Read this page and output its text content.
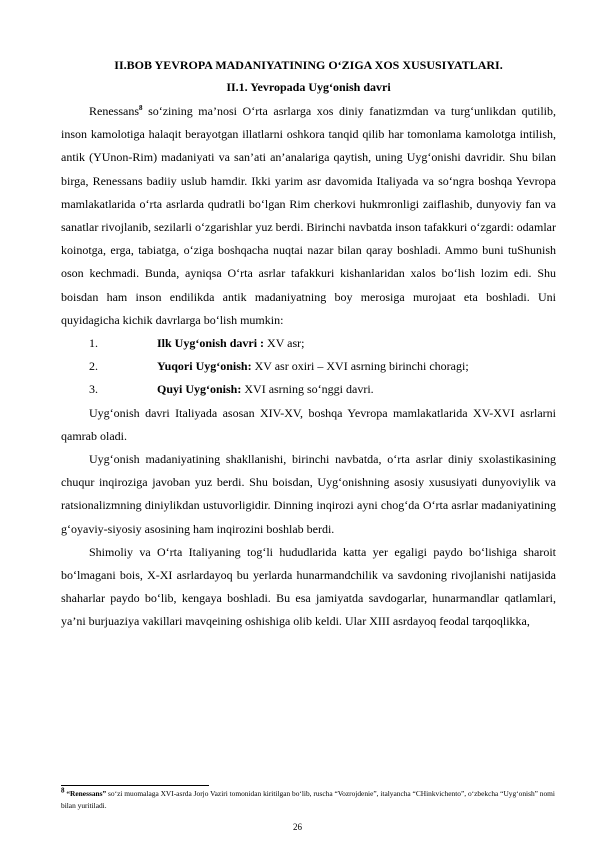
II.BOB YEVROPA MADANIYATINING O‘ZIGA XOS XUSUSIYATLARI.
II.1. Yevropada Uyg‘onish davri

Renessans$^8$ so‘zining ma’nosi O‘rta asrlarga xos diniy fanatizmdan va turg‘unlikdan qutilib, inson kamolotiga halaqit berayotgan illatlarni oshkora tanqid qilib har tomonlama kamolotga intilish, antik (YUnon-Rim) madaniyati va san’ati an’analariga qaytish, uning Uyg‘onishi davridir. Shu bilan birga, Renessans badiiy uslub hamdir. Ikki yarim asr davomida Italiyada va so‘ngra boshqa Yevropa mamlakatlarida o‘rta asrlarda qudratli bo‘lgan Rim cherkovi hukmronligi zaiflashib, dunyoviy fan va sanatlar rivojlanib, sezilarli o‘zgarishlar yuz berdi. Birinchi navbatda inson tafakkuri o‘zgardi: odamlar koinotga, erga, tabiatga, o‘ziga boshqacha nuqtai nazar bilan qaray boshladi. Ammo buni tuShunish oson kechmadi. Bunda, ayniqsa O‘rta asrlar tafakkuri kishanlaridan xalos bo‘lish lozim edi. Shu boisdan ham inson endilikda antik madaniyatning boy merosiga murojaat eta boshladi. Uni quyidagicha kichik davrlarga bo‘lish mumkin:

1.	Ilk Uyg‘onish davri : XV asr;
2.	Yuqori Uyg‘onish: XV asr oxiri – XVI asrning birinchi choragi;
3.	Quyi Uyg‘onish: XVI asrning so‘nggi davri.

Uyg‘onish davri Italiyada asosan XIV-XV, boshqa Yevropa mamlakatlarida XV-XVI asrlarni qamrab oladi.

Uyg‘onish madaniyatining shakllanishi, birinchi navbatda, o‘rta asrlar diniy sxolastikasining chuqur inqiroziga javoban yuz berdi. Shu boisdan, Uyg‘onishning asosiy xususiyati dunyoviylik va ratsionalizmning diniylikdan ustuvorligidir. Dinning inqirozi ayni chog‘da O‘rta asrlar madaniyatining g‘oyaviy-siyosiy asosining ham inqirozini boshlab berdi.

Shimoliy va O‘rta Italiyaning tog‘li hududlarida katta yer egaligi paydo bo‘lishiga sharoit bo‘lmagani bois, X-XI asrlardayoq bu yerlarda hunarmandchilik va savdoning rivojlanishi natijasida shaharlar paydo bo‘lib, kengaya boshladi. Bu esa jamiyatda savdogarlar, hunarmandlar qatlamlari, ya’ni burjuaziya vakillari mavqeining oshishiga olib keldi. Ular XIII asrdayoq feodal tarqoqlikka,

$^8$ “Renessans” so‘zi muomalaga XVI-asrda Jorjo Vaziri tomonidan kiritilgan bo‘lib, ruscha “Vozrojdenie”, italyancha “CHinkvichento”, o‘zbekcha “Uyg‘onish” nomi bilan yuritiladi.
26
